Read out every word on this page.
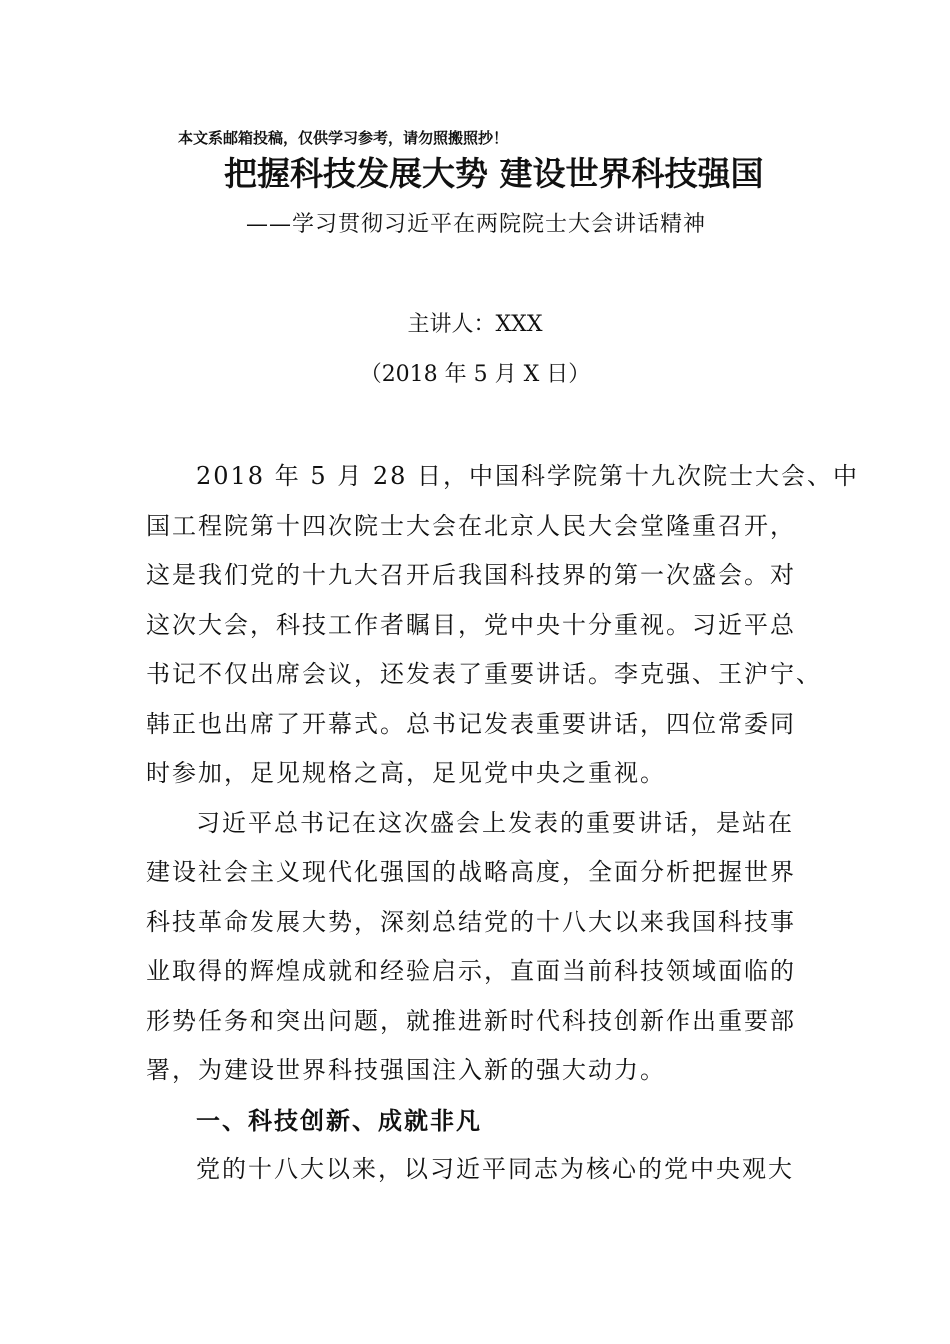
本文系邮箱投稿，仅供学习参考，请勿照搬照抄！
把握科技发展大势 建设世界科技强国
——学习贯彻习近平在两院院士大会讲话精神
主讲人：XXX
（2018 年 5 月 X 日）
2018 年 5 月 28 日，中国科学院第十九次院士大会、中
国工程院第十四次院士大会在北京人民大会堂隆重召开，
这是我们党的十九大召开后我国科技界的第一次盛会。对
这次大会，科技工作者瞩目，党中央十分重视。习近平总
书记不仅出席会议，还发表了重要讲话。李克强、王沪宁、
韩正也出席了开幕式。总书记发表重要讲话，四位常委同
时参加，足见规格之高，足见党中央之重视。
习近平总书记在这次盛会上发表的重要讲话，是站在
建设社会主义现代化强国的战略高度，全面分析把握世界
科技革命发展大势，深刻总结党的十八大以来我国科技事
业取得的辉煌成就和经验启示，直面当前科技领域面临的
形势任务和突出问题，就推进新时代科技创新作出重要部
署，为建设世界科技强国注入新的强大动力。
一、科技创新、成就非凡
党的十八大以来，以习近平同志为核心的党中央观大
